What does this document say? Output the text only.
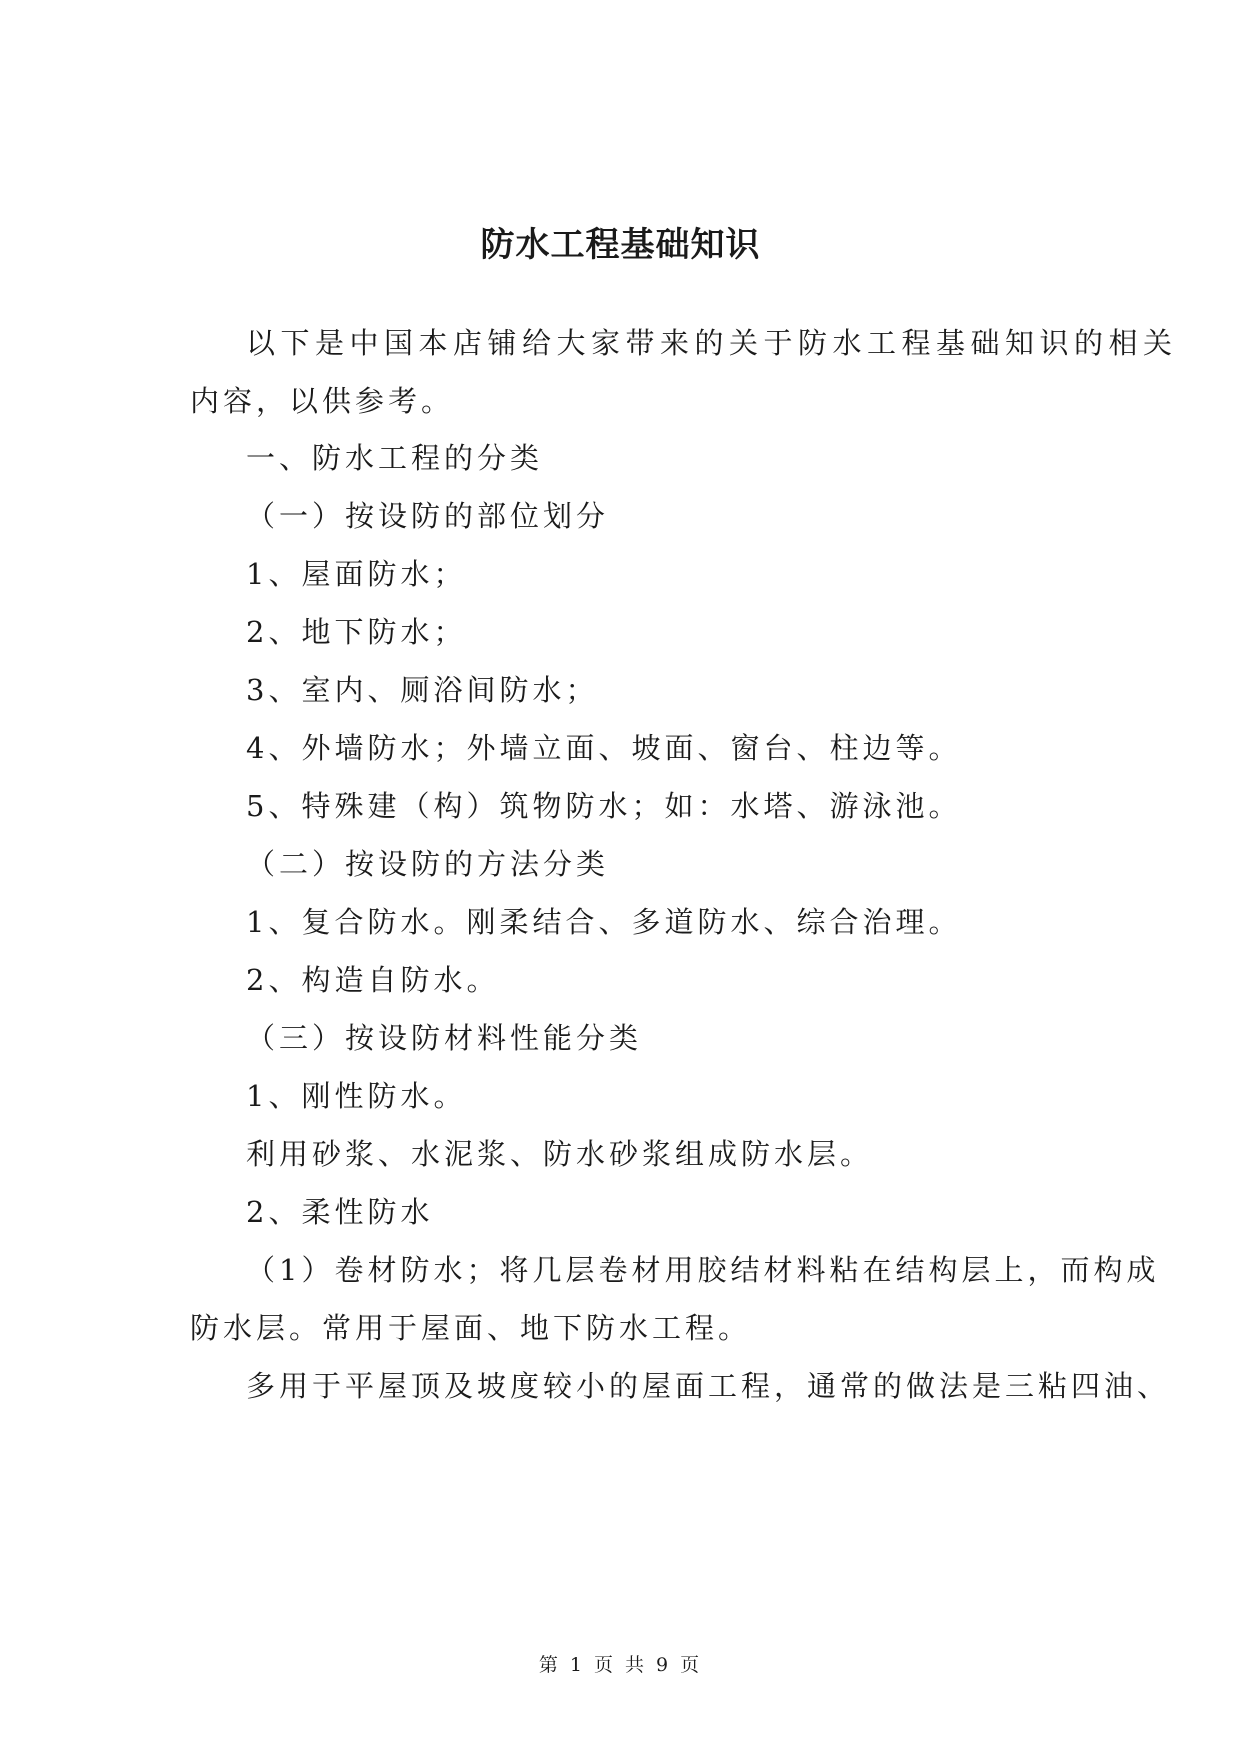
防水工程基础知识
以下是中国本店铺给大家带来的关于防水工程基础知识的相关
内容，以供参考。
一、防水工程的分类
（一）按设防的部位划分
1、屋面防水；
2、地下防水；
3、室内、厕浴间防水；
4、外墙防水；外墙立面、坡面、窗台、柱边等。
5、特殊建（构）筑物防水；如：水塔、游泳池。
（二）按设防的方法分类
1、复合防水。刚柔结合、多道防水、综合治理。
2、构造自防水。
（三）按设防材料性能分类
1、刚性防水。
利用砂浆、水泥浆、防水砂浆组成防水层。
2、柔性防水
（1）卷材防水；将几层卷材用胶结材料粘在结构层上，而构成
防水层。常用于屋面、地下防水工程。
多用于平屋顶及坡度较小的屋面工程，通常的做法是三粘四油、
第 1 页 共 9 页
